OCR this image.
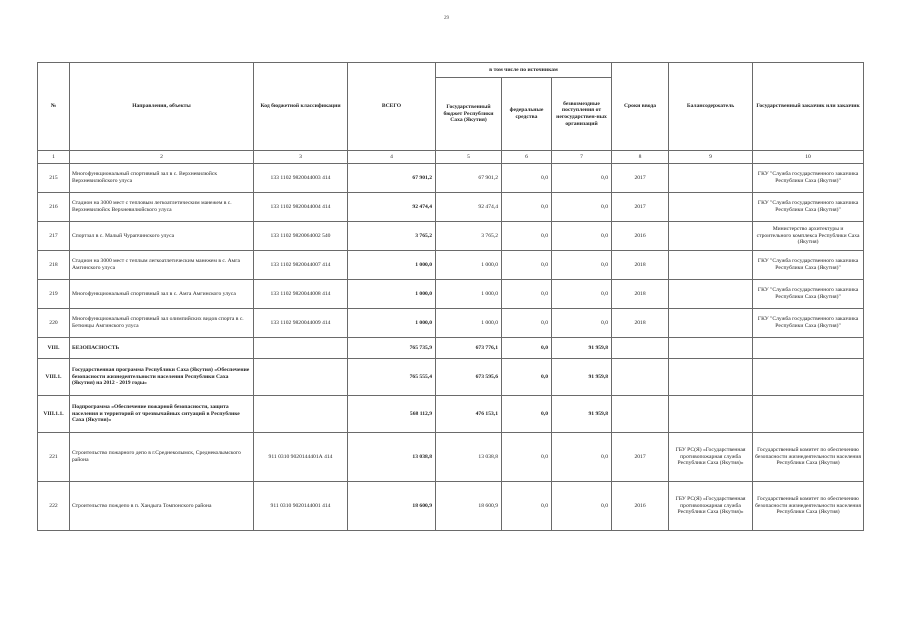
29
№	Направления, объекты	Код бюджетной классификации	ВСЕГО	в том числе по источникам			Сроки ввода	Балансодержатель	Государственный заказчик или заказчик
				Государственный бюджет Республики Саха (Якутия)	федеральные средства	безвозмездные поступления от негосударствен-ных организаций			
1	2	3	4	5	6	7	8	9	10
215	Многофункциональный спортивный зал в с. Верхневилюйск Верхневилюйского улуса	133 1102 9820044003 414	67 901,2	67 901,2	0,0	0,0	2017		ГКУ "Служба государственного заказчика Республики Саха (Якутия)"
216	Стадион на 3000 мест с тепловым легкоатлетическим манежем в с. Верхневилюйск Верхневилюйского улуса	133 1102 9820044004 414	92 474,4	92 474,4	0,0	0,0	2017		ГКУ "Служба государственного заказчика Республики Саха (Якутия)"
217	Спортзал в с. Малый Чурапчинского улуса	133 1102 9820064002 540	3 765,2	3 765,2	0,0	0,0	2016		Министерство архитектуры и строительного комплекса Республики Саха (Якутия)
218	Стадион на 3000 мест с теплым легкоатлетическим манежем в с. Амга Амгинского улуса	133 1102 9820044007 414	1 000,0	1 000,0	0,0	0,0	2018		ГКУ "Служба государственного заказчика Республики Саха (Якутия)"
219	Многофункциональный спортивный зал в с. Амга Амгинского улуса	133 1102 9820044008 414	1 000,0	1 000,0	0,0	0,0	2018		ГКУ "Служба государственного заказчика Республики Саха (Якутия)"
220	Многофункциональный спортивный зал олимпийских видов спорта в с. Бетюнцы Амгинского улуса	133 1102 9820044009 414	1 000,0	1 000,0	0,0	0,0	2018		ГКУ "Служба государственного заказчика Республики Саха (Якутия)"
VIII.	БЕЗОПАСНОСТЬ		765 735,9	673 776,1	0,0	91 959,8			
VIII.1.	Государственная программа Республики Саха (Якутия) «Обеспечение безопасности жизнедеятельности населения Республики Саха (Якутия) на 2012 - 2019 годы»		765 555,4	673 595,6	0,0	91 959,8			
VIII.1.1.	Подпрограмма «Обеспечение пожарной безопасности, защита населения и территорий от чрезвычайных ситуаций в Республике Саха (Якутия)»		568 112,9	476 153,1	0,0	91 959,8			
221	Строительство пожарного депо в г.Среднеколымск, Среднеколымского района	911 0310 9020144401А 414	13 038,8	13 038,8	0,0	0,0	2017	ГБУ РС(Я) «Государственная противопожарная служба Республики Саха (Якутия)»	Государственный комитет по обеспечению безопасности жизнедеятельности населения Республики Саха (Якутия)
222	Строительство пождепо в п. Хандыга Томпонского района	911 0310 9020144001 414	18 600,9	18 600,9	0,0	0,0	2016	ГБУ РС(Я) «Государственная противопожарная служба Республики Саха (Якутия)»	Государственный комитет по обеспечению безопасности жизнедеятельности населения Республики Саха (Якутия)
